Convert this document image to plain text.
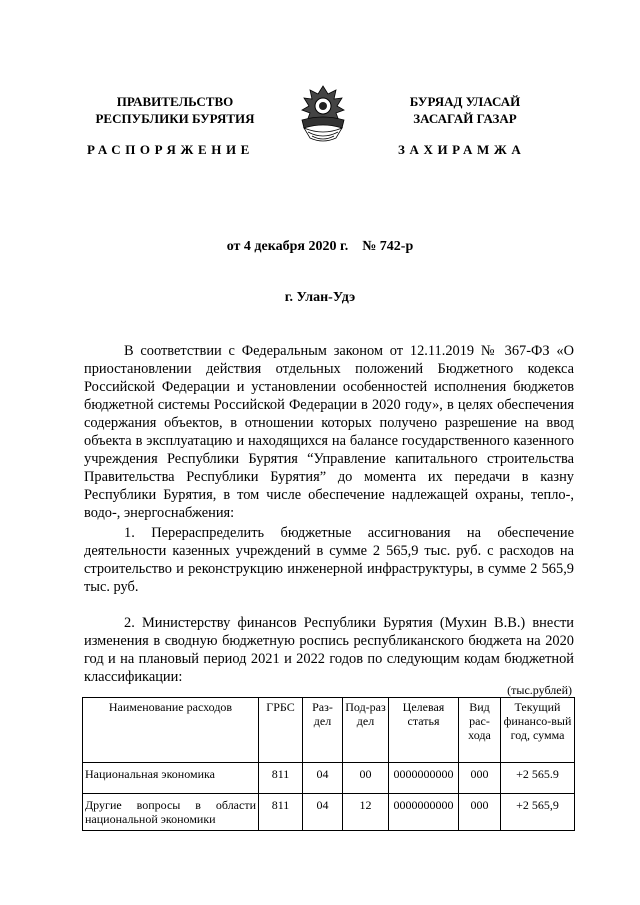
ПРАВИТЕЛЬСТВО
РЕСПУБЛИКИ БУРЯТИЯ
БУРЯАД УЛАСАЙ
ЗАСАГАЙ ГАЗАР
РАСПОРЯЖЕНИЕ	ЗАХИРАМЖА
от 4 декабря 2020 г. № 742-р
г. Улан-Удэ

В соответствии с Федеральным законом от 12.11.2019 № 367-ФЗ «О приостановлении действия отдельных положений Бюджетного кодекса Российской Федерации и установлении особенностей исполнения бюджетов бюджетной системы Российской Федерации в 2020 году», в целях обеспечения содержания объектов, в отношении которых получено разрешение на ввод объекта в эксплуатацию и находящихся на балансе государственного казенного учреждения Республики Бурятия “Управление капитального строительства Правительства Республики Бурятия” до момента их передачи в казну Республики Бурятия, в том числе обеспечение надлежащей охраны, тепло-, водо-, энергоснабжения:

1. Перераспределить бюджетные ассигнования на обеспечение деятельности казенных учреждений в сумме 2 565,9 тыс. руб. с расходов на строительство и реконструкцию инженерной инфраструктуры, в сумме 2 565,9 тыс. руб.

2. Министерству финансов Республики Бурятия (Мухин В.В.) внести изменения в сводную бюджетную роспись республиканского бюджета на 2020 год и на плановый период 2021 и 2022 годов по следующим кодам бюджетной классификации:

(тыс.рублей)
Наименование расходов	ГРБС	Раз-дел	Под-раз дел	Целевая статья	Вид рас-хода	Текущий финансо-вый год, сумма
Национальная экономика	811	04	00	0000000000	000	+2 565.9
Другие вопросы в области национальной экономики	811	04	12	0000000000	000	+2 565,9
